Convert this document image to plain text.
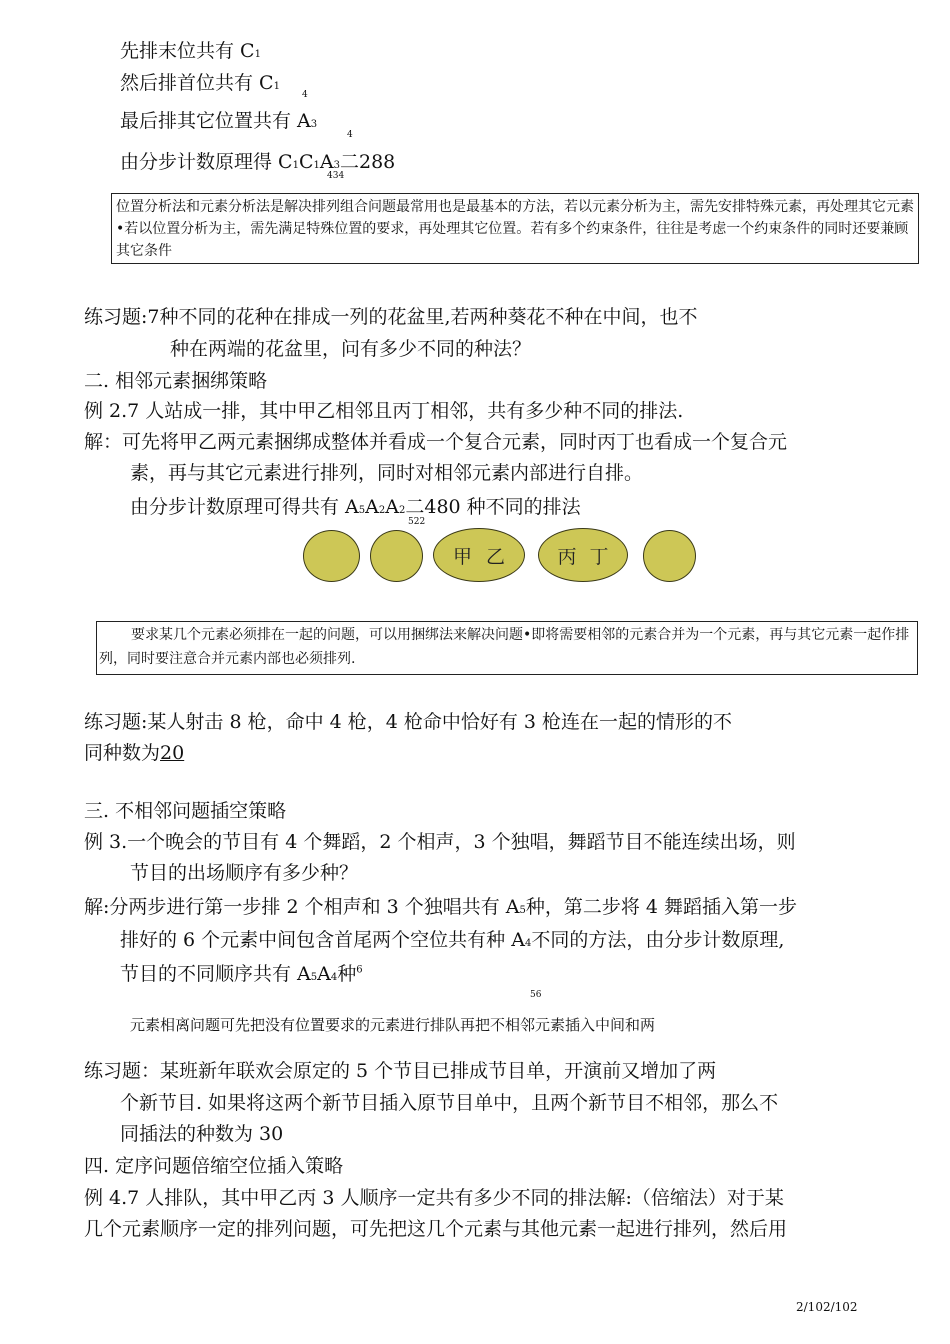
先排末位共有 C1
然后排首位共有 C1
4
最后排其它位置共有 A3
4
由分步计数原理得 C1C1A3二288
434
位置分析法和元素分析法是解决排列组合问题最常用也是最基本的方法，若以元素分析为主，需先安排特殊元素，再处理其它元素•若以位置分析为主，需先满足特殊位置的要求，再处理其它位置。若有多个约束条件，往往是考虑一个约束条件的同时还要兼顾其它条件
练习题:7种不同的花种在排成一列的花盆里,若两种葵花不种在中间，也不
种在两端的花盆里，问有多少不同的种法？
二. 相邻元素捆绑策略
例 2.7 人站成一排，其中甲乙相邻且丙丁相邻，共有多少种不同的排法.
解：可先将甲乙两元素捆绑成整体并看成一个复合元素，同时丙丁也看成一个复合元
素，再与其它元素进行排列，同时对相邻元素内部进行自排。
由分步计数原理可得共有 A5A2A2二480 种不同的排法
522
甲 乙	丙 丁
要求某几个元素必须排在一起的问题，可以用捆绑法来解决问题•即将需要相邻的元素合并为一个元素，再与其它元素一起作排列，同时要注意合并元素内部也必须排列.
练习题:某人射击 8 枪，命中 4 枪，4 枪命中恰好有 3 枪连在一起的情形的不
同种数为20
三. 不相邻问题插空策略
例 3.一个晚会的节目有 4 个舞蹈，2 个相声，3 个独唱，舞蹈节目不能连续出场，则
节目的出场顺序有多少种？
解:分两步进行第一步排 2 个相声和 3 个独唱共有 A5种，第二步将 4 舞蹈插入第一步
排好的 6 个元素中间包含首尾两个空位共有种 A4不同的方法，由分步计数原理,
节目的不同顺序共有 A5A4种$^6$
56
元素相离问题可先把没有位置要求的元素进行排队再把不相邻元素插入中间和两
练习题：某班新年联欢会原定的 5 个节目已排成节目单，开演前又增加了两
个新节目. 如果将这两个新节目插入原节目单中，且两个新节目不相邻，那么不
同插法的种数为 30
四. 定序问题倍缩空位插入策略
例 4.7 人排队，其中甲乙丙 3 人顺序一定共有多少不同的排法解:（倍缩法）对于某
几个元素顺序一定的排列问题，可先把这几个元素与其他元素一起进行排列，然后用
2/102/102
